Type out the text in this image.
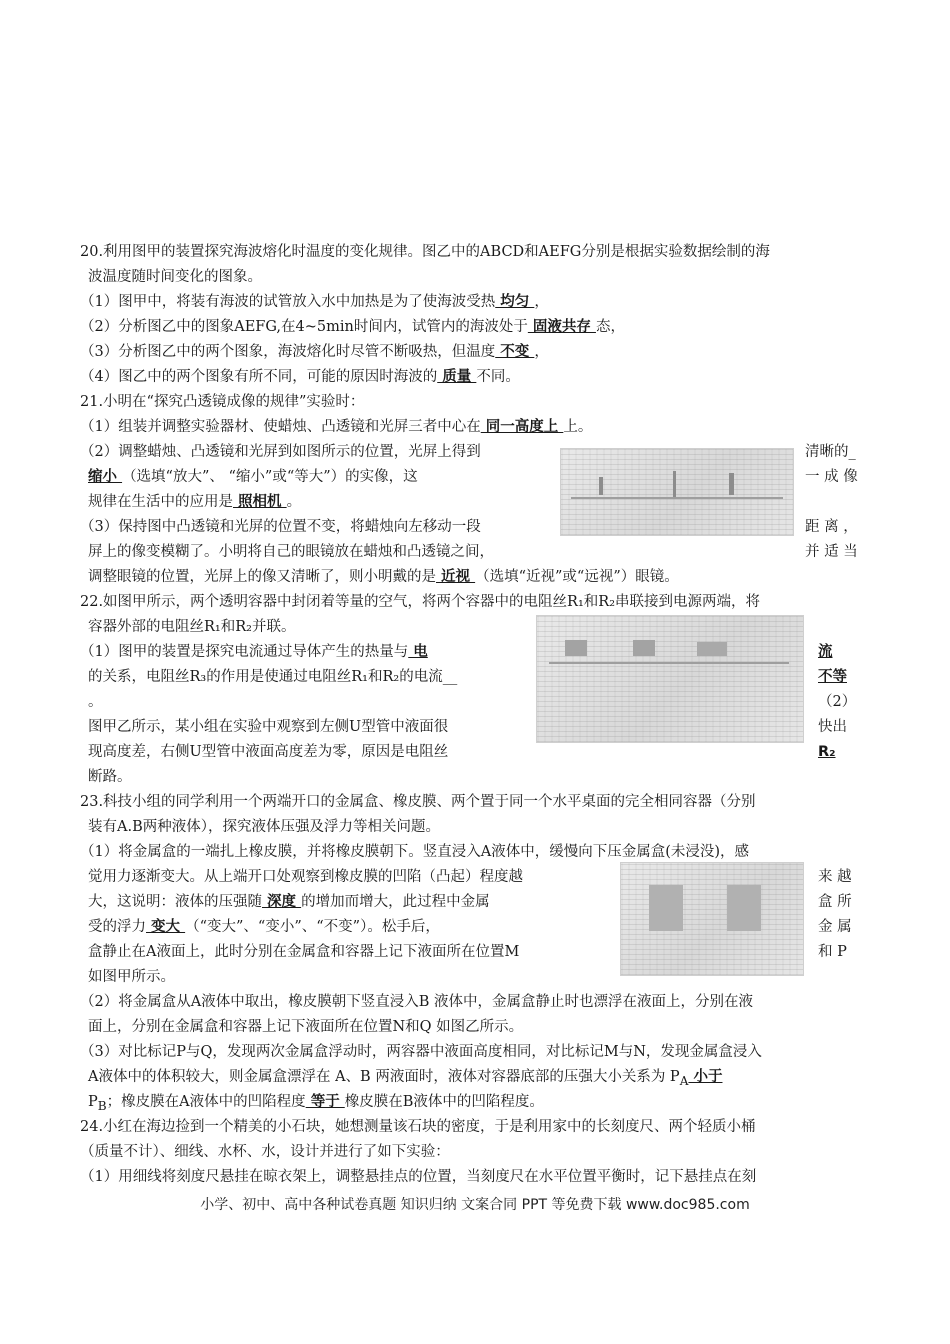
20.利用图甲的装置探究海波熔化时温度的变化规律。图乙中的ABCD和AEFG分别是根据实验数据绘制的海
波温度随时间变化的图象。
（1）图甲中，将装有海波的试管放入水中加热是为了使海波受热 均匀 ，
（2）分析图乙中的图象AEFG,在4~5min时间内，试管内的海波处于 固液共存 态，
（3）分析图乙中的两个图象，海波熔化时尽管不断吸热，但温度 不变 ，
（4）图乙中的两个图象有所不同，可能的原因时海波的 质量 不同。
21.小明在“探究凸透镜成像的规律”实验时：
（1）组装并调整实验器材、使蜡烛、凸透镜和光屏三者中心在 同一高度上 上。
（2）调整蜡烛、凸透镜和光屏到如图所示的位置，光屏上得到	清晰的_
缩小 （选填“放大”、 “缩小”或“等大”）的实像，这	一 成 像
规律在生活中的应用是 照相机 。
（3）保持图中凸透镜和光屏的位置不变，将蜡烛向左移动一段	距 离 ，
屏上的像变模糊了。小明将自己的眼镜放在蜡烛和凸透镜之间，	并 适 当
调整眼镜的位置，光屏上的像又清晰了，则小明戴的是 近视 （选填“近视”或“远视”）眼镜。
22.如图甲所示，两个透明容器中封闭着等量的空气，将两个容器中的电阻丝R₁和R₂串联接到电源两端，将
容器外部的电阻丝R₁和R₂并联。
（1）图甲的装置是探究电流通过导体产生的热量与 电	流
的关系，电阻丝R₃的作用是使通过电阻丝R₁和R₂的电流__	不等
。	（2）
图甲乙所示，某小组在实验中观察到左侧U型管中液面很	快出
现高度差，右侧U型管中液面高度差为零，原因是电阻丝	R₂
断路。
23.科技小组的同学利用一个两端开口的金属盒、橡皮膜、两个置于同一个水平桌面的完全相同容器（分别
装有A.B两种液体），探究液体压强及浮力等相关问题。
（1）将金属盒的一端扎上橡皮膜，并将橡皮膜朝下。竖直浸入A液体中，缓慢向下压金属盒(未浸没)，感
觉用力逐渐变大。从上端开口处观察到橡皮膜的凹陷（凸起）程度越	来 越
大，这说明：液体的压强随 深度 的增加而增大，此过程中金属	盒 所
受的浮力 变大 （“变大”、“变小”、“不变”）。松手后，	金 属
盒静止在A液面上，此时分别在金属盒和容器上记下液面所在位置M	和 P
如图甲所示。
（2）将金属盒从A液体中取出，橡皮膜朝下竖直浸入B 液体中，金属盒静止时也漂浮在液面上，分别在液
面上，分别在金属盒和容器上记下液面所在位置N和Q 如图乙所示。
（3）对比标记P与Q，发现两次金属盒浮动时，两容器中液面高度相同，对比标记M与N，发现金属盒浸入
A液体中的体积较大，则金属盒漂浮在 A、B 两液面时，液体对容器底部的压强大小关系为 $P_A$ 小于
$P_B$；橡皮膜在A液体中的凹陷程度 等于 橡皮膜在B液体中的凹陷程度。
24.小红在海边捡到一个精美的小石块，她想测量该石块的密度，于是利用家中的长刻度尺、两个轻质小桶
（质量不计）、细线、水杯、水，设计并进行了如下实验：
（1）用细线将刻度尺悬挂在晾衣架上，调整悬挂点的位置，当刻度尺在水平位置平衡时，记下悬挂点在刻
小学、初中、高中各种试卷真题 知识归纳 文案合同 PPT 等免费下载 www.doc985.com
